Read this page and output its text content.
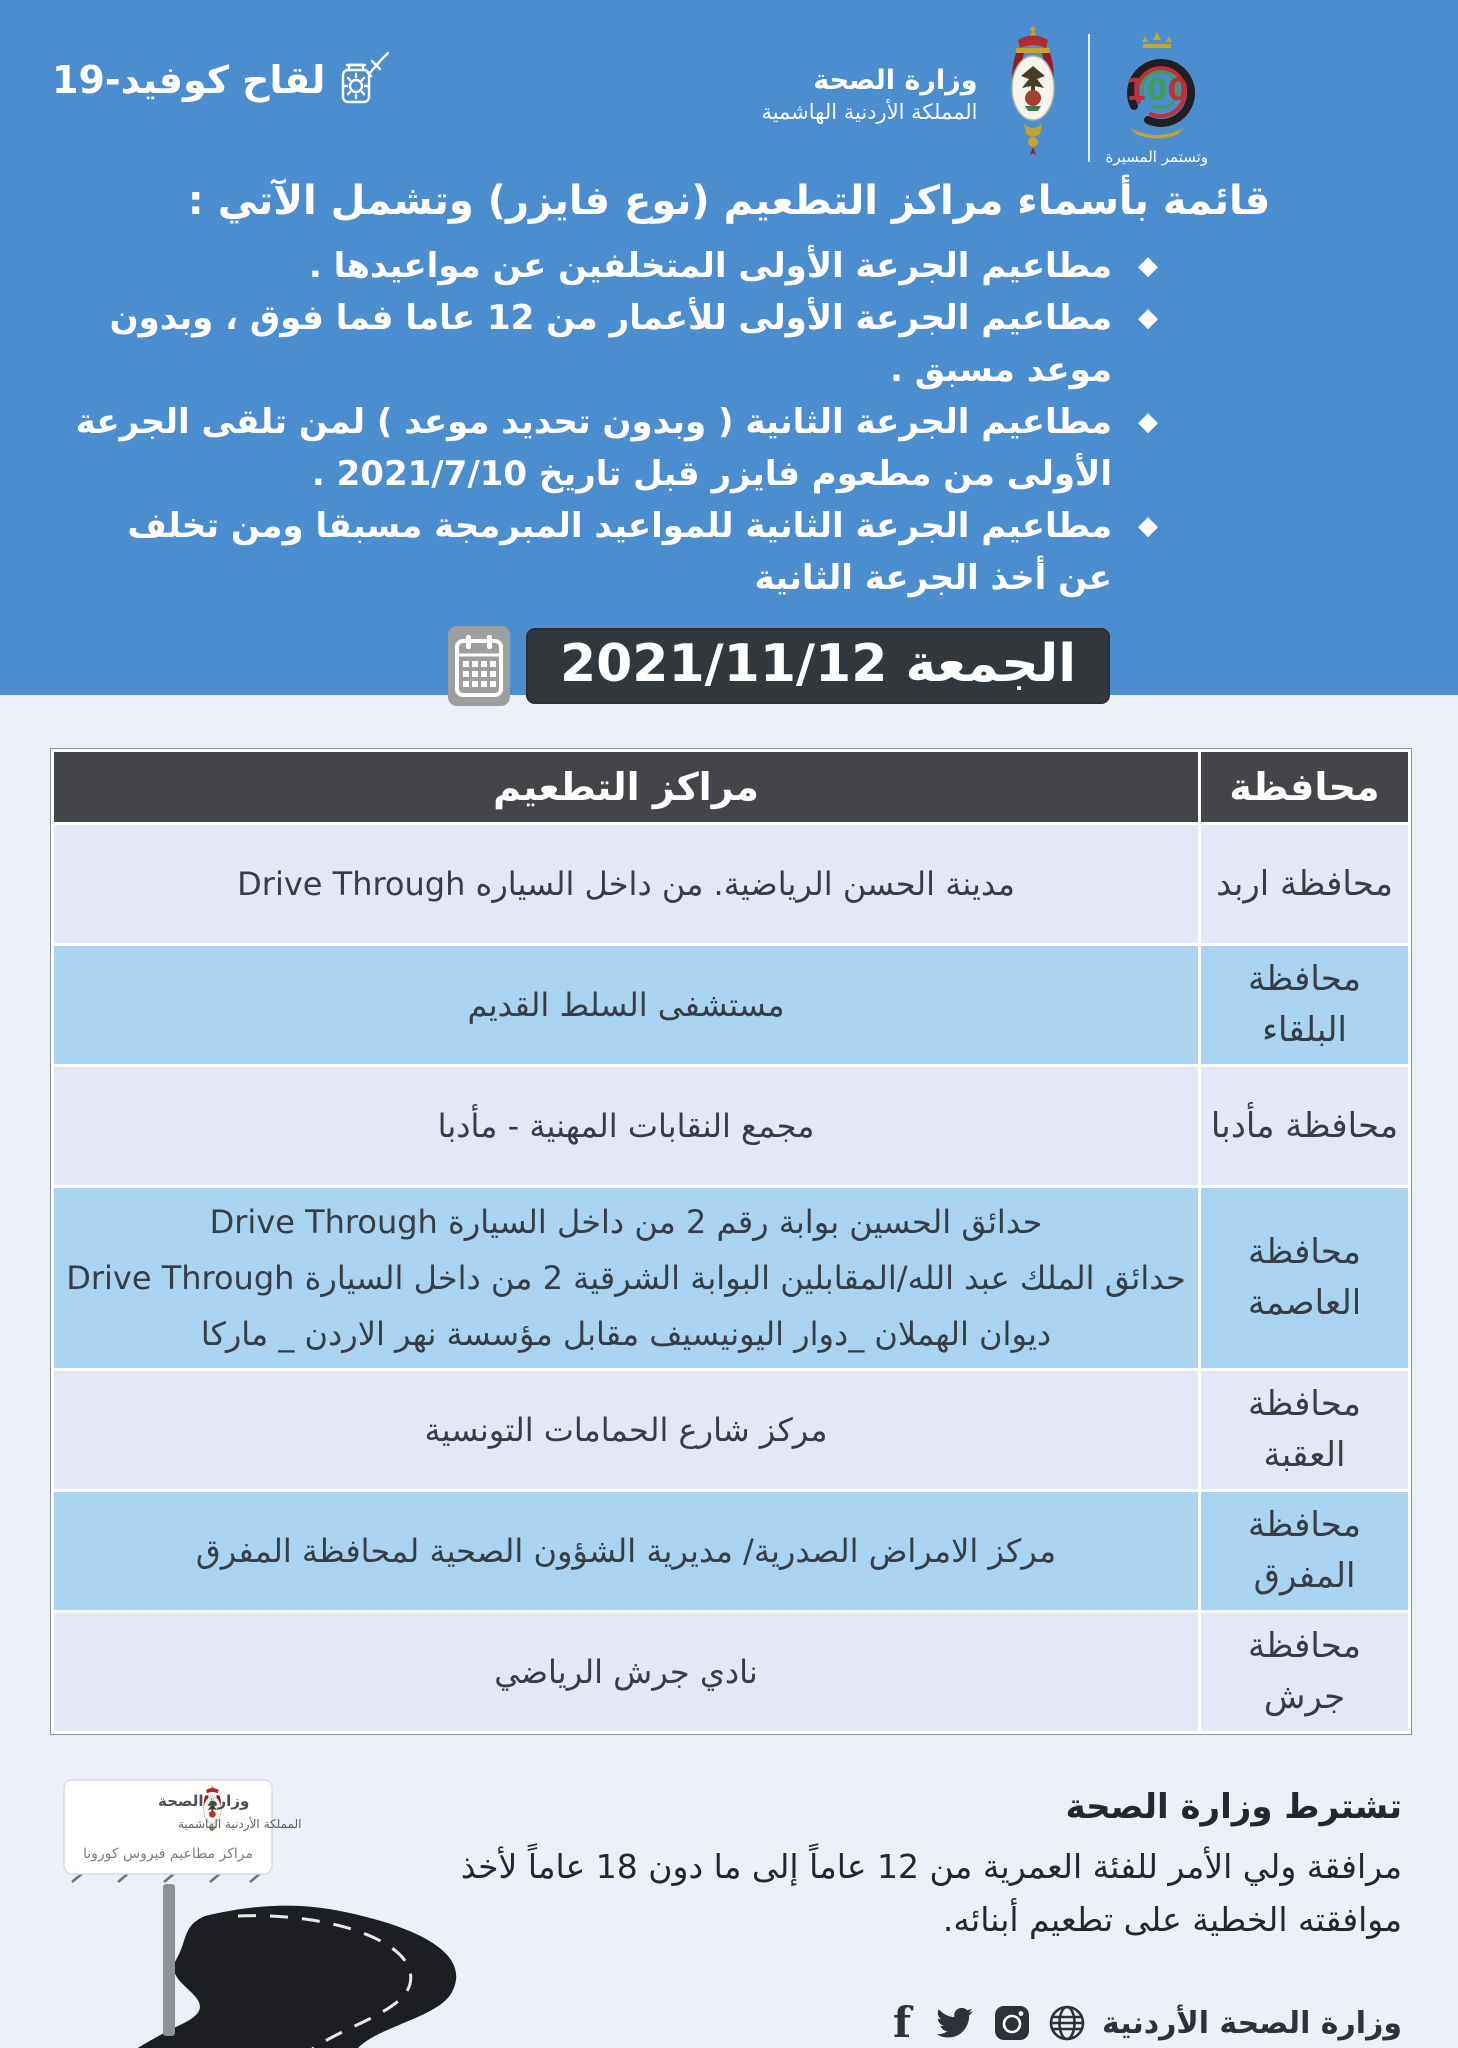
لقاح كوفيد-19	وزارة الصحة
المملكة الأردنية الهاشمية
100
وتستمر المسيرة
قائمة بأسماء مراكز التطعيم (نوع فايزر) وتشمل الآتي :
◆ مطاعيم الجرعة الأولى المتخلفين عن مواعيدها .
◆ مطاعيم الجرعة الأولى للأعمار من 12 عاما فما فوق ، وبدون موعد مسبق .
◆ مطاعيم الجرعة الثانية ( وبدون تحديد موعد ) لمن تلقى الجرعة الأولى من مطعوم فايزر قبل تاريخ 2021/7/10 .
◆ مطاعيم الجرعة الثانية للمواعيد المبرمجة مسبقا ومن تخلف عن أخذ الجرعة الثانية
الجمعة 2021/11/12
محافظة	مراكز التطعيم
محافظة اربد	مدينة الحسن الرياضية. من داخل السياره Drive Through

محافظة البلقاء	مستشفى السلط القديم

محافظة مأدبا	مجمع النقابات المهنية - مأدبا

محافظة العاصمة	حدائق الحسين بوابة رقم 2 من داخل السيارة Drive Through
حدائق الملك عبد الله/المقابلين البوابة الشرقية 2 من داخل السيارة Drive Through
ديوان الهملان _دوار اليونيسيف مقابل مؤسسة نهر الاردن _ ماركا

محافظة العقبة	مركز شارع الحمامات التونسية

محافظة المفرق	مركز الامراض الصدرية/ مديرية الشؤون الصحية لمحافظة المفرق

محافظة جرش	نادي جرش الرياضي
وزارة الصحة
المملكة الأردنية الهاشمية
مراكز مطاعيم فيروس كورونا
تشترط وزارة الصحة
مرافقة ولي الأمر للفئة العمرية من 12 عاماً إلى ما دون 18 عاماً لأخذ موافقته الخطية على تطعيم أبنائه.
وزارة الصحة الأردنية
f
